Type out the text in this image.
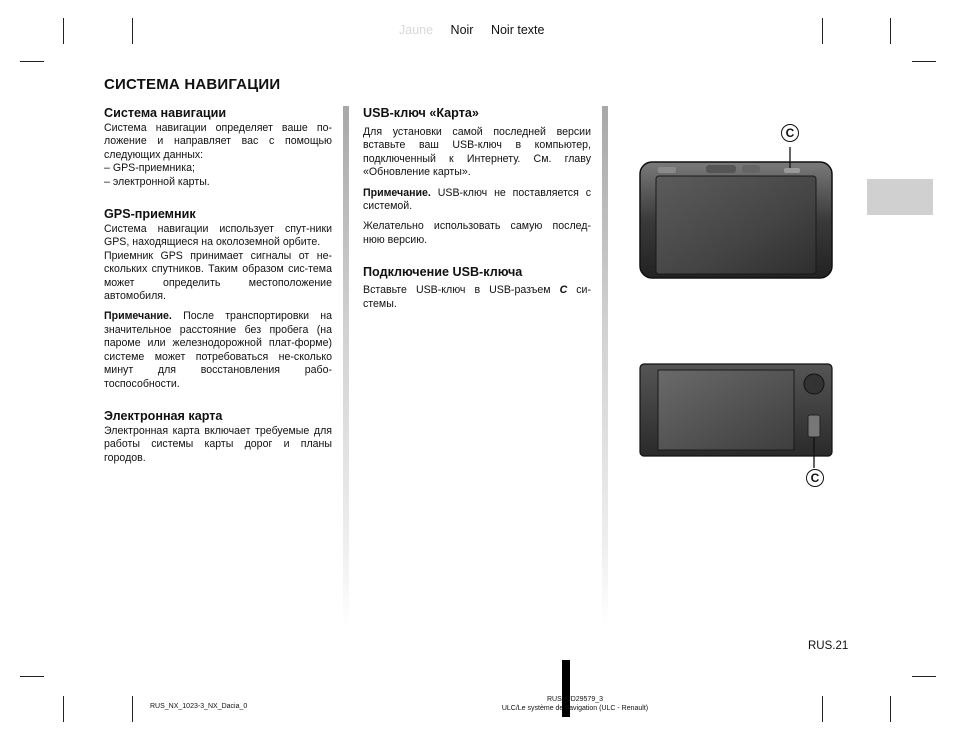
Jaune Noir Noir texte
СИСТЕМА НАВИГАЦИИ
Система навигации

Система навигации определяет ваше по-ложение и направляет вас с помощью следующих данных:

– GPS-приемника;

– электронной карты.

GPS-приемник

Система навигации использует спут-ники GPS, находящиеся на околоземной орбите.

Приемник GPS принимает сигналы от не-скольких спутников. Таким образом сис-тема может определить местоположение автомобиля.

Примечание. После транспортировки на значительное расстояние без пробега (на пароме или железнодорожной плат-форме) системе может потребоваться не-сколько минут для восстановления рабо-тоспособности.

Электронная карта

Электронная карта включает требуемые для работы системы карты дорог и планы городов.

USB-ключ «Карта»

Для установки самой последней версии вставьте ваш USB-ключ в компьютер, подключенный к Интернету. См. главу «Обновление карты».

Примечание. USB-ключ не поставляется с системой.

Желательно использовать самую послед-нюю версию.

Подключение USB-ключа

Вставьте USB-ключ в USB-разъем C си-стемы.

C
C
RUS.21
RUS_NX_1023-3_NX_Dacia_0
RUS_UD29579_3
ULC/Le système de navigation (ULC - Renault)
